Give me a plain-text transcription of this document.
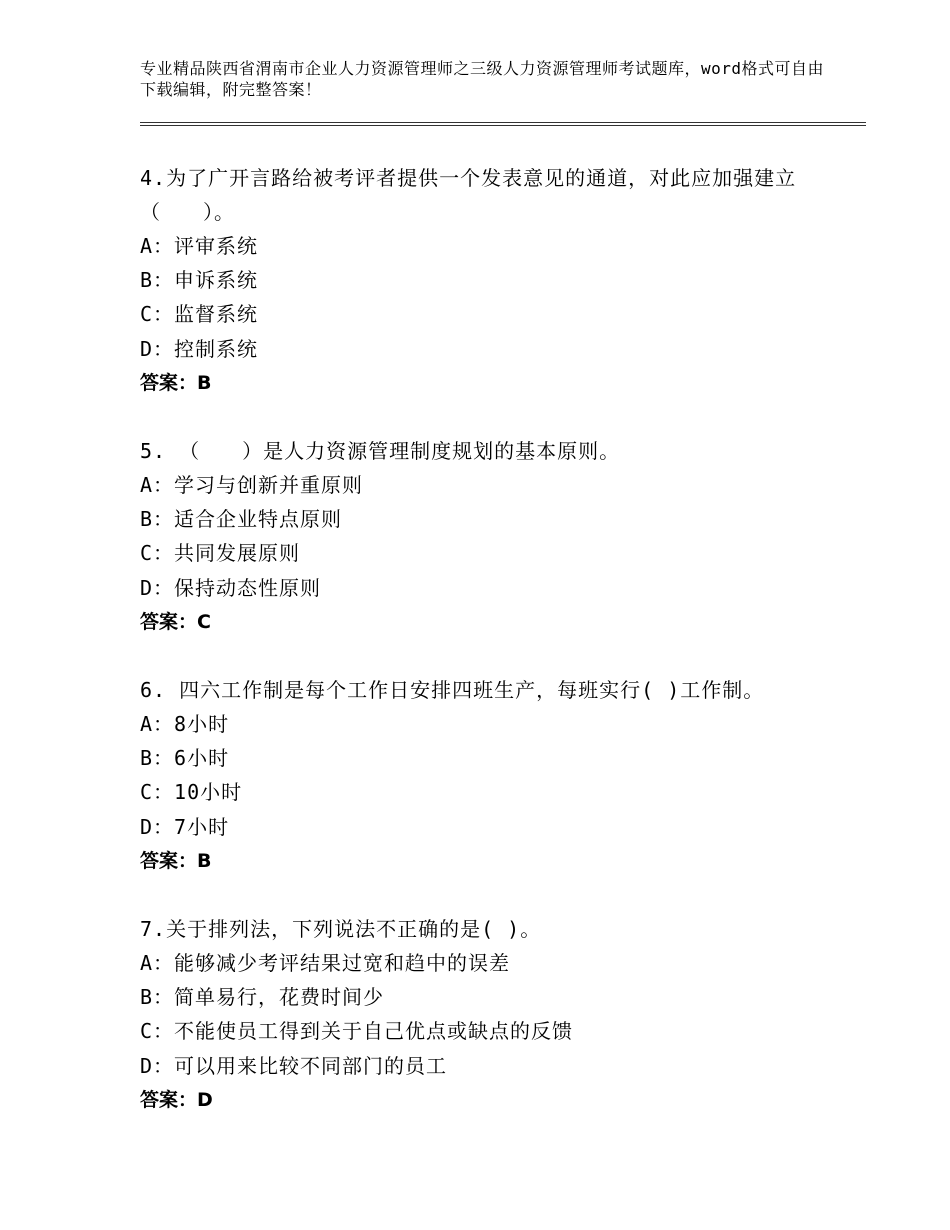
专业精品陕西省渭南市企业人力资源管理师之三级人力资源管理师考试题库，word格式可自由下载编辑，附完整答案！
4.为了广开言路给被考评者提供一个发表意见的通道，对此应加强建立（　　）。
A：评审系统
B：申诉系统
C：监督系统
D：控制系统
答案：B
5. （　　）是人力资源管理制度规划的基本原则。
A：学习与创新并重原则
B：适合企业特点原则
C：共同发展原则
D：保持动态性原则
答案：C
6. 四六工作制是每个工作日安排四班生产，每班实行( )工作制。
A：8小时
B：6小时
C：10小时
D：7小时
答案：B
7.关于排列法，下列说法不正确的是( )。
A：能够减少考评结果过宽和趋中的误差
B：简单易行，花费时间少
C：不能使员工得到关于自己优点或缺点的反馈
D：可以用来比较不同部门的员工
答案：D
